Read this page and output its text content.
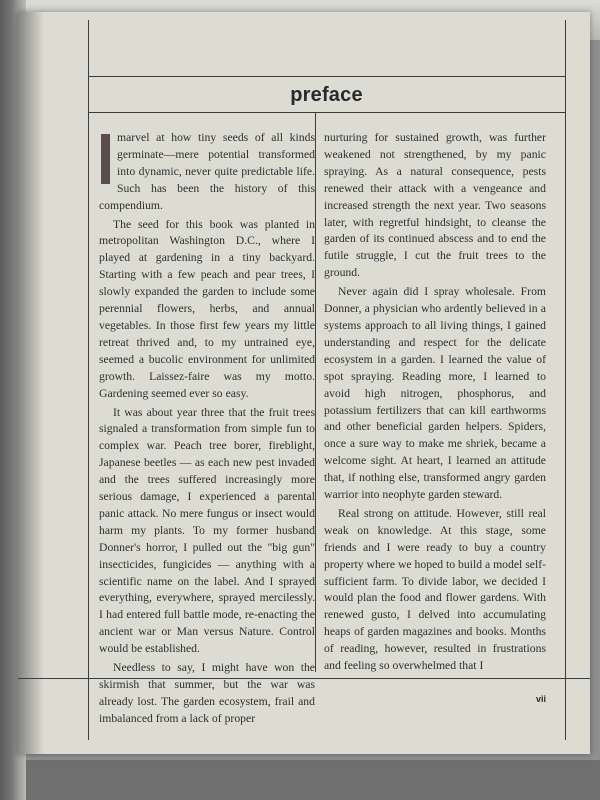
preface

marvel at how tiny seeds of all kinds germinate—mere potential transformed into dynamic, never quite predictable life. Such has been the history of this compendium.

The seed for this book was planted in metropolitan Washington D.C., where I played at gardening in a tiny backyard. Starting with a few peach and pear trees, I slowly expanded the garden to include some perennial flowers, herbs, and annual vegetables. In those first few years my little retreat thrived and, to my untrained eye, seemed a bucolic environment for unlimited growth. Laissez-faire was my motto. Gardening seemed ever so easy.

It was about year three that the fruit trees signaled a transformation from simple fun to complex war. Peach tree borer, fireblight, Japanese beetles — as each new pest invaded and the trees suffered increasingly more serious damage, I experienced a parental panic attack. No mere fungus or insect would harm my plants. To my former husband Donner's horror, I pulled out the "big gun" insecticides, fungicides — anything with a scientific name on the label. And I sprayed everything, everywhere, sprayed mercilessly. I had entered full battle mode, re-enacting the ancient war or Man versus Nature. Control would be established.

Needless to say, I might have won the skirmish that summer, but the war was already lost. The garden ecosystem, frail and imbalanced from a lack of proper

nurturing for sustained growth, was further weakened not strengthened, by my panic spraying. As a natural consequence, pests renewed their attack with a vengeance and increased strength the next year. Two seasons later, with regretful hindsight, to cleanse the garden of its continued abscess and to end the futile struggle, I cut the fruit trees to the ground.

Never again did I spray wholesale. From Donner, a physician who ardently believed in a systems approach to all living things, I gained understanding and respect for the delicate ecosystem in a garden. I learned the value of spot spraying. Reading more, I learned to avoid high nitrogen, phosphorus, and potassium fertilizers that can kill earthworms and other beneficial garden helpers. Spiders, once a sure way to make me shriek, became a welcome sight. At heart, I learned an attitude that, if nothing else, transformed angry garden warrior into neophyte garden steward.

Real strong on attitude. However, still real weak on knowledge. At this stage, some friends and I were ready to buy a country property where we hoped to build a model self-sufficient farm. To divide labor, we decided I would plan the food and flower gardens. With renewed gusto, I delved into accumulating heaps of garden magazines and books. Months of reading, however, resulted in frustrations and feeling so overwhelmed that I

vii
